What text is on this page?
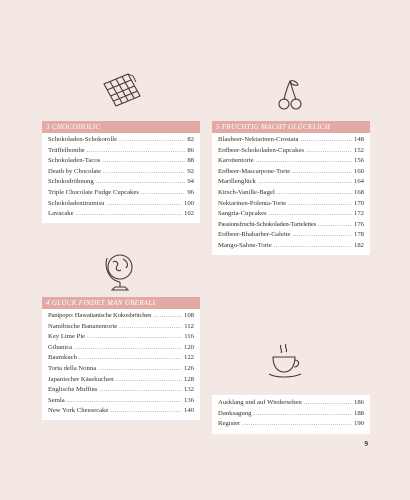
3 CHOCOHOLIC
Schokoladen-Schokorolle .....	82
Trüffelbombe .....	86
Schokoladen-Tacos .....	88
Death by Chocolate .....	92
Schokodröhnung .....	94
Triple Chocolate Fudge Cupcakes .....	96
Schokoladentiramisu .....	100
Lavacake .....	102
5 FRUCHTIG MACHT GLÜCKLICH
Blaubeer-Nektarinen-Crostata .....	148
Erdbeer-Schokoladen-Cupcakes .....	152
Karottentorte .....	156
Erdbeer-Mascarpone-Torte .....	160
Marillenglück .....	164
Kirsch-Vanille-Bagel .....	168
Nektarinen-Polenta-Torte .....	170
Sangria-Cupcakes .....	172
Passionsfrucht-Schokoladen-Tartelettes .....	176
Erdbeer-Rhabarber-Galette .....	178
Mango-Sahne-Torte .....	182
4 GLÜCK FINDET MAN ÜBERALL
Panipopo: Hawaiianische Kokosbrötchen .....	108
Namibische Bananentorte .....	112
Key Lime Pie .....	116
Gibanica .....	120
Baumkuch .....	122
Torta della Nonna .....	126
Japanischer Käsekuchen .....	128
Englische Muffins .....	132
Semla .....	136
New York Cheesecake .....	140
Ausklang und auf Wiedersehen .....	186
Danksagung .....	188
Register .....	190
9
